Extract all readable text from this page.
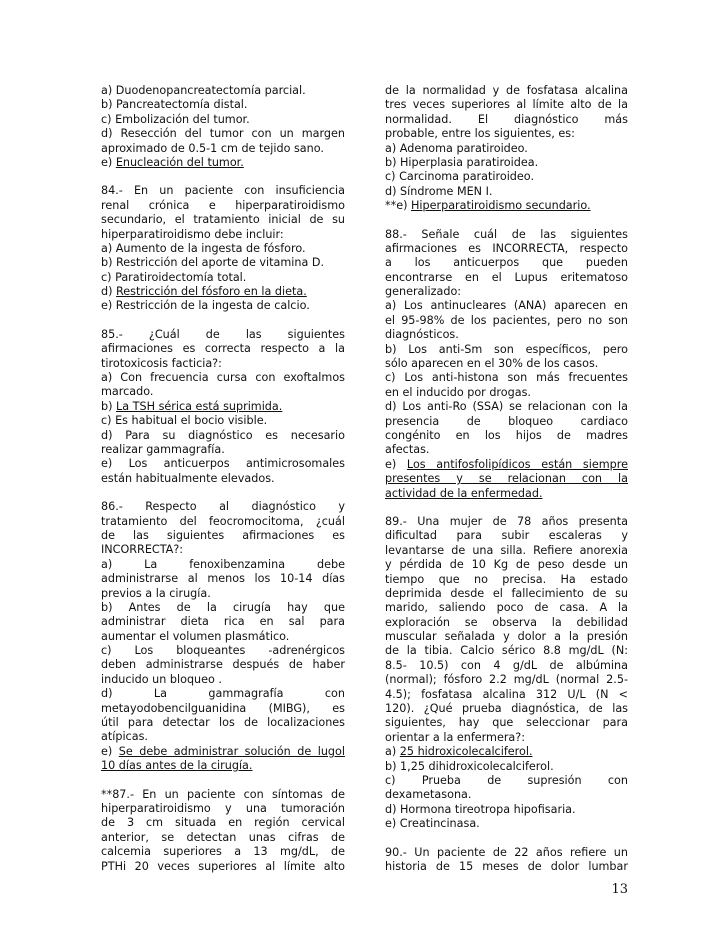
a) Duodenopancreatectomía parcial.
b) Pancreatectomía distal.
c) Embolización del tumor.
d) Resección del tumor con un margen
aproximado de 0.5-1 cm de tejido sano.
e) Enucleación del tumor.
84.- En un paciente con insuficiencia
renal crónica e hiperparatiroidismo
secundario, el tratamiento inicial de su
hiperparatiroidismo debe incluir:
a) Aumento de la ingesta de fósforo.
b) Restricción del aporte de vitamina D.
c) Paratiroidectomía total.
d) Restricción del fósforo en la dieta.
e) Restricción de la ingesta de calcio.
85.- ¿Cuál de las siguientes
afirmaciones es correcta respecto a la
tirotoxicosis facticia?:
a) Con frecuencia cursa con exoftalmos
marcado.
b) La TSH sérica está suprimida.
c) Es habitual el bocio visible.
d) Para su diagnóstico es necesario
realizar gammagrafía.
e) Los anticuerpos antimicrosomales
están habitualmente elevados.
86.- Respecto al diagnóstico y
tratamiento del feocromocitoma, ¿cuál
de las siguientes afirmaciones es
INCORRECTA?:
a) La fenoxibenzamina debe
administrarse al menos los 10-14 días
previos a la cirugía.
b) Antes de la cirugía hay que
administrar dieta rica en sal para
aumentar el volumen plasmático.
c) Los bloqueantes -adrenérgicos
deben administrarse después de haber
inducido un bloqueo .
d) La gammagrafía con
metayodobencilguanidina (MIBG), es
útil para detectar los de localizaciones
atípicas.
e) Se debe administrar solución de lugol
10 días antes de la cirugía.
**87.- En un paciente con síntomas de
hiperparatiroidismo y una tumoración
de 3 cm situada en región cervical
anterior, se detectan unas cifras de
calcemia superiores a 13 mg/dL, de
PTHi 20 veces superiores al límite alto
de la normalidad y de fosfatasa alcalina
tres veces superiores al límite alto de la
normalidad. El diagnóstico más
probable, entre los siguientes, es:
a) Adenoma paratiroideo.
b) Hiperplasia paratiroidea.
c) Carcinoma paratiroideo.
d) Síndrome MEN I.
**e) Hiperparatiroidismo secundario.
88.- Señale cuál de las siguientes
afirmaciones es INCORRECTA, respecto
a los anticuerpos que pueden
encontrarse en el Lupus eritematoso
generalizado:
a) Los antinucleares (ANA) aparecen en
el 95-98% de los pacientes, pero no son
diagnósticos.
b) Los anti-Sm son específicos, pero
sólo aparecen en el 30% de los casos.
c) Los anti-histona son más frecuentes
en el inducido por drogas.
d) Los anti-Ro (SSA) se relacionan con la
presencia de bloqueo cardiaco
congénito en los hijos de madres
afectas.
e) Los antifosfolipídicos están siempre
presentes y se relacionan con la
actividad de la enfermedad.
89.- Una mujer de 78 años presenta
dificultad para subir escaleras y
levantarse de una silla. Refiere anorexia
y pérdida de 10 Kg de peso desde un
tiempo que no precisa. Ha estado
deprimida desde el fallecimiento de su
marido, saliendo poco de casa. A la
exploración se observa la debilidad
muscular señalada y dolor a la presión
de la tibia. Calcio sérico 8.8 mg/dL (N:
8.5- 10.5) con 4 g/dL de albúmina
(normal); fósforo 2.2 mg/dL (normal 2.5-
4.5); fosfatasa alcalina 312 U/L (N <
120). ¿Qué prueba diagnóstica, de las
siguientes, hay que seleccionar para
orientar a la enfermera?:
a) 25 hidroxicolecalciferol.
b) 1,25 dihidroxicolecalciferol.
c) Prueba de supresión con
dexametasona.
d) Hormona tireotropa hipofisaria.
e) Creatincinasa.
90.- Un paciente de 22 años refiere un
historia de 15 meses de dolor lumbar
13
